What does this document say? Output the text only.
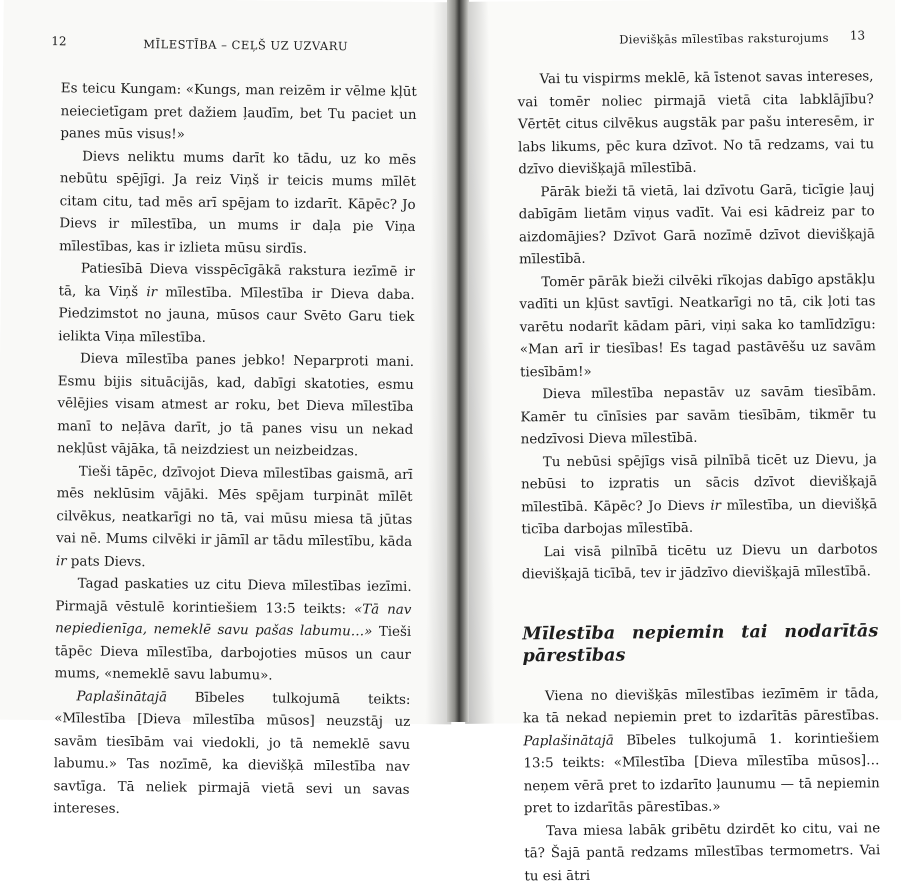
12	MĪLESTĪBA – CEĻŠ UZ UZVARU

Es teicu Kungam: «Kungs, man reizēm ir vēlme kļūt neiecietīgam pret dažiem ļaudīm, bet Tu paciet un panes mūs visus!»

Dievs neliktu mums darīt ko tādu, uz ko mēs nebūtu spējīgi. Ja reiz Viņš ir teicis mums mīlēt citam citu, tad mēs arī spējam to izdarīt. Kāpēc? Jo Dievs ir mīlestība, un mums ir daļa pie Viņa mīlestības, kas ir izlieta mūsu sirdīs.

Patiesībā Dieva visspēcīgākā rakstura iezīmē ir tā, ka Viņš ir mīlestība. Mīlestība ir Dieva daba. Piedzimstot no jauna, mūsos caur Svēto Garu tiek ielikta Viņa mīlestība.

Dieva mīlestība panes jebko! Neparproti mani. Esmu bijis situācijās, kad, dabīgi skatoties, esmu vēlējies visam atmest ar roku, bet Dieva mīlestība manī to neļāva darīt, jo tā panes visu un nekad nekļūst vājāka, tā neizdziest un neizbeidzas.

Tieši tāpēc, dzīvojot Dieva mīlestības gaismā, arī mēs neklūsim vājāki. Mēs spējam turpināt mīlēt cilvēkus, neatkarīgi no tā, vai mūsu miesa tā jūtas vai nē. Mums cilvēki ir jāmīl ar tādu mīlestību, kāda ir pats Dievs.

Tagad paskaties uz citu Dieva mīlestības iezīmi. Pirmajā vēstulē korintiešiem 13:5 teikts: «Tā nav nepiedienīga, nemeklē savu pašas labumu…» Tieši tāpēc Dieva mīlestība, darbojoties mūsos un caur mums, «nemeklē savu labumu».

Paplašinātajā Bībeles tulkojumā teikts: «Mīlestība [Dieva mīlestība mūsos] neuzstāj uz savām tiesībām vai viedokli, jo tā nemeklē savu labumu.» Tas nozīmē, ka dievišķā mīlestība nav savtīga. Tā neliek pirmajā vietā sevi un savas intereses.

Dievišķās mīlestības raksturojums 13

Vai tu vispirms meklē, kā īstenot savas intereses, vai tomēr noliec pirmajā vietā cita labklājību? Vērtēt citus cilvēkus augstāk par pašu interesēm, ir labs likums, pēc kura dzīvot. No tā redzams, vai tu dzīvo dievišķajā mīlestībā.

Pārāk bieži tā vietā, lai dzīvotu Garā, ticīgie ļauj dabīgām lietām viņus vadīt. Vai esi kādreiz par to aizdomājies? Dzīvot Garā nozīmē dzīvot dievišķajā mīlestībā.

Tomēr pārāk bieži cilvēki rīkojas dabīgo apstākļu vadīti un kļūst savtīgi. Neatkarīgi no tā, cik ļoti tas varētu nodarīt kādam pāri, viņi saka ko tamlīdzīgu: «Man arī ir tiesības! Es tagad pastāvēšu uz savām tiesībām!»

Dieva mīlestība nepastāv uz savām tiesībām. Kamēr tu cīnīsies par savām tiesībām, tikmēr tu nedzīvosi Dieva mīlestībā.

Tu nebūsi spējīgs visā pilnībā ticēt uz Dievu, ja nebūsi to izpratis un sācis dzīvot dievišķajā mīlestībā. Kāpēc? Jo Dievs ir mīlestība, un dievišķā ticība darbojas mīlestībā.

Lai visā pilnībā ticētu uz Dievu un darbotos dievišķajā ticībā, tev ir jādzīvo dievišķajā mīlestībā.

Mīlestība nepiemin tai nodarītās pārestības

Viena no dievišķās mīlestības iezīmēm ir tāda, ka tā nekad nepiemin pret to izdarītās pārestības. Paplašinātajā Bībeles tulkojumā 1. korintiešiem 13:5 teikts: «Mīlestība [Dieva mīlestība mūsos]… neņem vērā pret to izdarīto ļaunumu — tā nepiemin pret to izdarītās pārestības.»

Tava miesa labāk gribētu dzirdēt ko citu, vai ne tā? Šajā pantā redzams mīlestības termometrs. Vai tu esi ātri
